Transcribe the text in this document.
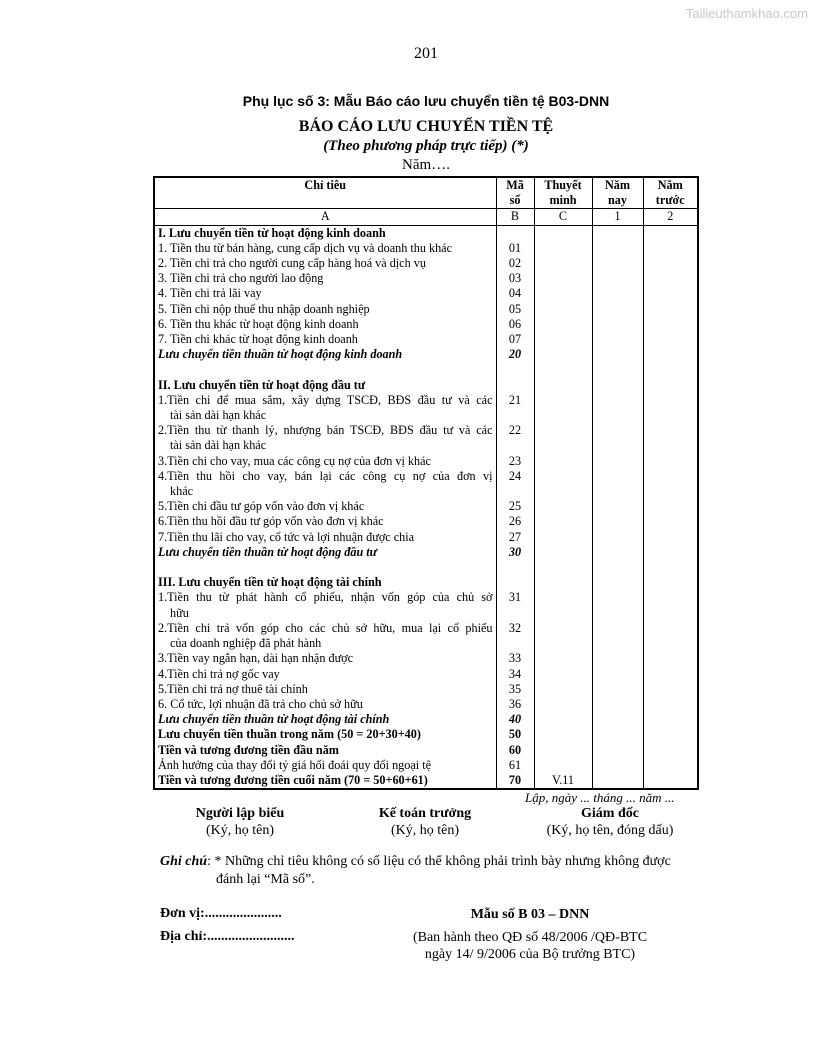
Tailieuthamkhao.com
201
Phụ lục số 3: Mẫu Báo cáo lưu chuyển tiền tệ B03-DNN
BÁO CÁO LƯU CHUYỂN TIỀN TỆ
(Theo phương pháp trực tiếp) (*)
Năm….
Chỉ tiêu	Mã số	Thuyết minh	Năm nay	Năm trước
A	B	C	1	2

I. Lưu chuyển tiền từ hoạt động kinh doanh				

1. Tiền thu từ bán hàng, cung cấp dịch vụ và doanh thu khác	01			

2. Tiền chi trả cho người cung cấp hàng hoá và dịch vụ	02			

3. Tiền chi trả cho người lao động	03			

4. Tiền chi trả lãi vay	04			

5. Tiền chi nộp thuế thu nhập doanh nghiệp	05			

6. Tiền thu khác từ hoạt động kinh doanh	06			

7. Tiền chi khác từ hoạt động kinh doanh	07			

Lưu chuyển tiền thuần từ hoạt động kinh doanh	20			

II. Lưu chuyển tiền từ hoạt động đầu tư				

1.Tiền chi để mua sắm, xây dựng TSCĐ, BĐS đầu tư và các
tài sản dài hạn khác	21			

2.Tiền thu từ thanh lý, nhượng bán TSCĐ, BĐS đầu tư và các
tài sản dài hạn khác	22			

3.Tiền chi cho vay, mua các công cụ nợ của đơn vị khác	23			

4.Tiền thu hồi cho vay, bán lại các công cụ nợ của đơn vị
khác	24			

5.Tiền chi đầu tư góp vốn vào đơn vị khác	25			

6.Tiền thu hồi đầu tư góp vốn vào đơn vị khác	26			

7.Tiền thu lãi cho vay, cổ tức và lợi nhuận được chia	27			

Lưu chuyển tiền thuần từ hoạt động đầu tư	30			

III. Lưu chuyển tiền từ hoạt động tài chính				

1.Tiền thu từ phát hành cổ phiếu, nhận vốn góp của chủ sở
hữu	31			

2.Tiền chi trả vốn góp cho các chủ sở hữu, mua lại cổ phiếu
của doanh nghiệp đã phát hành	32			

3.Tiền vay ngắn hạn, dài hạn nhận được	33			

4.Tiền chi trả nợ gốc vay	34			

5.Tiền chi trả nợ thuê tài chính	35			

6. Cổ tức, lợi nhuận đã trả cho chủ sở hữu	36			

Lưu chuyển tiền thuần từ hoạt động tài chính	40			

Lưu chuyển tiền thuần trong năm (50 = 20+30+40)	50			

Tiền và tương đương tiền đầu năm	60			

Ảnh hưởng của thay đổi tỷ giá hối đoái quy đổi ngoại tệ	61			

Tiền và tương đương tiền cuối năm (70 = 50+60+61)	70	V.11		
Lập, ngày ... tháng ... năm ...
Người lập biểu
(Ký, họ tên)
Kế toán trưởng
(Ký, họ tên)
Giám đốc
(Ký, họ tên, đóng dấu)
Ghi chú: * Những chỉ tiêu không có số liệu có thể không phải trình bày nhưng không được
đánh lại “Mã số”.
Đơn vị:......................
Địa chỉ:.........................
Mẫu số B 03 – DNN
(Ban hành theo QĐ số 48/2006 /QĐ-BTC
ngày 14/ 9/2006 của Bộ trưởng BTC)
